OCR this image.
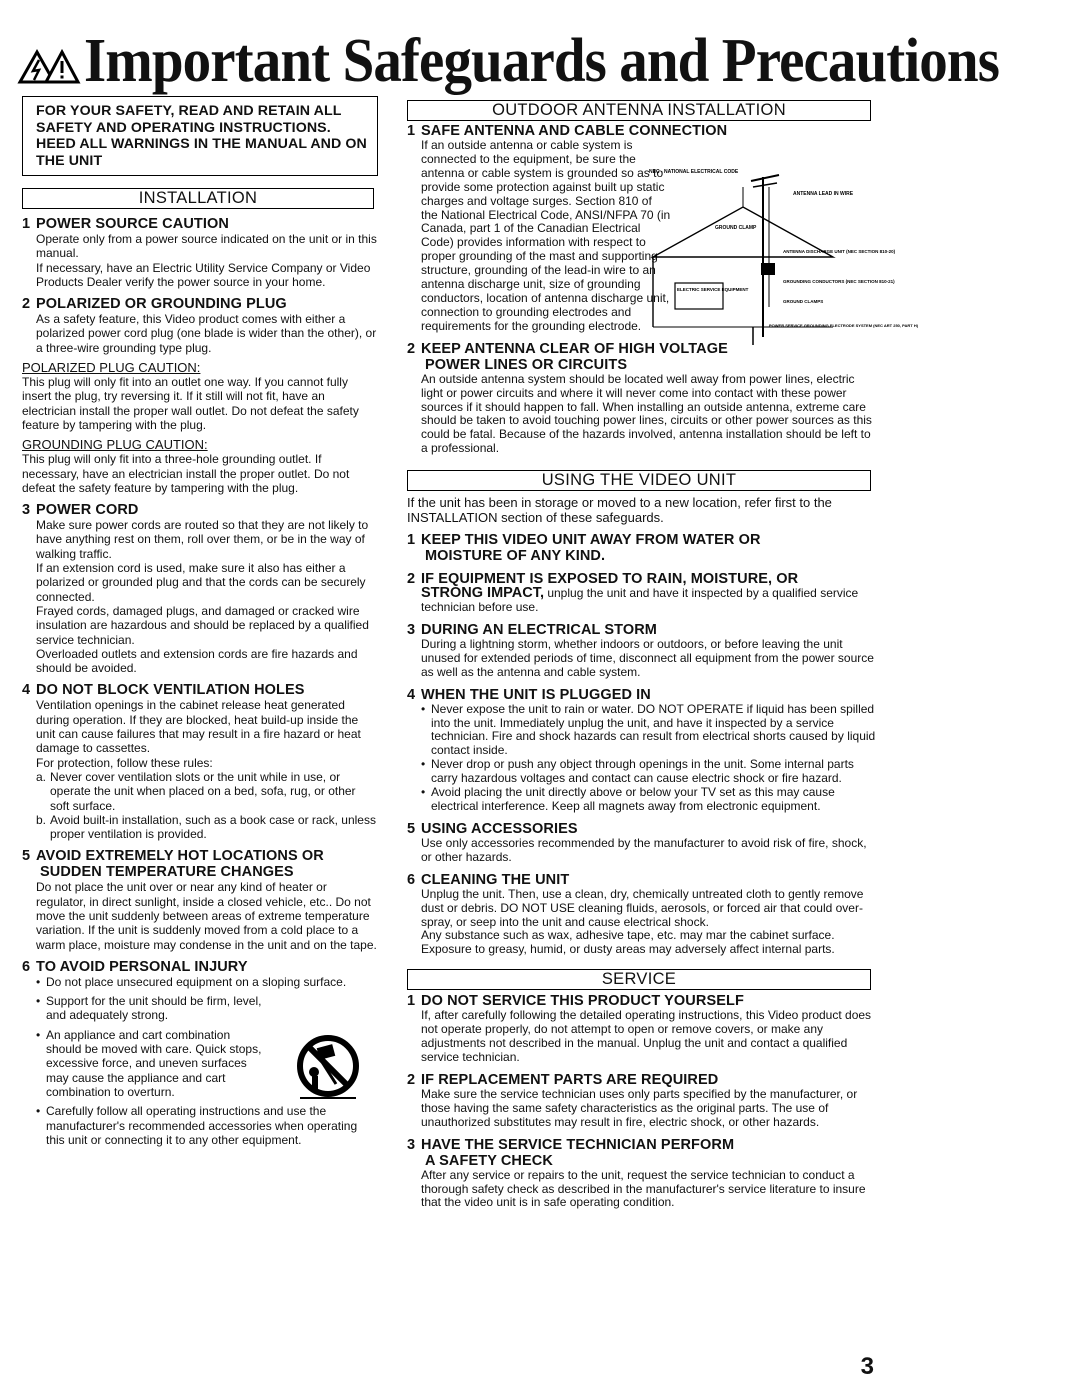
Important Safeguards and Precautions
FOR YOUR SAFETY, READ AND RETAIN ALL SAFETY AND OPERATING INSTRUCTIONS. HEED ALL WARNINGS IN THE MANUAL AND ON THE UNIT
INSTALLATION
1 POWER SOURCE CAUTION

Operate only from a power source indicated on the unit or in this manual.

If necessary, have an Electric Utility Service Company or Video Products Dealer verify the power source in your home.

2 POLARIZED OR GROUNDING PLUG

As a safety feature, this Video product comes with either a polarized power cord plug (one blade is wider than the other), or a three-wire grounding type plug.

POLARIZED PLUG CAUTION:
This plug will only fit into an outlet one way. If you cannot fully insert the plug, try reversing it. If it still will not fit, have an electrician install the proper wall outlet. Do not defeat the safety feature by tampering with the plug.
GROUNDING PLUG CAUTION:
This plug will only fit into a three-hole grounding outlet. If necessary, have an electrician install the proper outlet. Do not defeat the safety feature by tampering with the plug.
3 POWER CORD

Make sure power cords are routed so that they are not likely to have anything rest on them, roll over them, or be in the way of walking traffic.

If an extension cord is used, make sure it also has either a polarized or grounded plug and that the cords can be securely connected.

Frayed cords, damaged plugs, and damaged or cracked wire insulation are hazardous and should be replaced by a qualified service technician.

Overloaded outlets and extension cords are fire hazards and should be avoided.

4 DO NOT BLOCK VENTILATION HOLES

Ventilation openings in the cabinet release heat generated during operation. If they are blocked, heat build-up inside the unit can cause failures that may result in a fire hazard or heat damage to cassettes.

For protection, follow these rules:

a. Never cover ventilation slots or the unit while in use, or operate the unit when placed on a bed, sofa, rug, or other soft surface.
b. Avoid built-in installation, such as a book case or rack, unless proper ventilation is provided.
5 AVOID EXTREMELY HOT LOCATIONS OR
SUDDEN TEMPERATURE CHANGES
Do not place the unit over or near any kind of heater or regulator, in direct sunlight, inside a closed vehicle, etc.. Do not move the unit suddenly between areas of extreme temperature variation. If the unit is suddenly moved from a cold place to a warm place, moisture may condense in the unit and on the tape.
6 TO AVOID PERSONAL INJURY
• Do not place unsecured equipment on a sloping surface.
• Support for the unit should be firm, level, and adequately strong.
• An appliance and cart combination should be moved with care. Quick stops, excessive force, and uneven surfaces may cause the appliance and cart combination to overturn.
• Carefully follow all operating instructions and use the manufacturer's recommended accessories when operating this unit or connecting it to any other equipment.
OUTDOOR ANTENNA INSTALLATION
1 SAFE ANTENNA AND CABLE CONNECTION
If an outside antenna or cable system is connected to the equipment, be sure the antenna or cable system is grounded so as to provide some protection against built up static charges and voltage surges. Section 810 of the National Electrical Code, ANSI/NFPA 70 (in Canada, part 1 of the Canadian Electrical Code) provides information with respect to proper grounding of the mast and supporting structure, grounding of the lead-in wire to an antenna discharge unit, size of grounding conductors, location of antenna discharge unit, connection to grounding electrodes and requirements for the grounding electrode.
NEC - NATIONAL ELECTRICAL CODE
GROUND CLAMP
ANTENNA LEAD IN WIRE
ANTENNA DISCHARGE UNIT (NEC SECTION 810-20)
ELECTRIC SERVICE EQUIPMENT
GROUNDING CONDUCTORS (NEC SECTION 810-21)
GROUND CLAMPS
POWER SERVICE GROUNDING ELECTRODE SYSTEM (NEC ART 250, PART H)
2 KEEP ANTENNA CLEAR OF HIGH VOLTAGE
POWER LINES OR CIRCUITS
An outside antenna system should be located well away from power lines, electric light or power circuits and where it will never come into contact with these power sources if it should happen to fall. When installing an outside antenna, extreme care should be taken to avoid touching power lines, circuits or other power sources as this could be fatal. Because of the hazards involved, antenna installation should be left to a professional.
USING THE VIDEO UNIT
If the unit has been in storage or moved to a new location, refer first to the INSTALLATION section of these safeguards.
1 KEEP THIS VIDEO UNIT AWAY FROM WATER OR
MOISTURE OF ANY KIND.
2 IF EQUIPMENT IS EXPOSED TO RAIN, MOISTURE, OR
STRONG IMPACT, unplug the unit and have it inspected by a qualified service technician before use.
3 DURING AN ELECTRICAL STORM
During a lightning storm, whether indoors or outdoors, or before leaving the unit unused for extended periods of time, disconnect all equipment from the power source as well as the antenna and cable system.
4 WHEN THE UNIT IS PLUGGED IN
• Never expose the unit to rain or water. DO NOT OPERATE if liquid has been spilled into the unit. Immediately unplug the unit, and have it inspected by a service technician. Fire and shock hazards can result from electrical shorts caused by liquid contact inside.
• Never drop or push any object through openings in the unit. Some internal parts carry hazardous voltages and contact can cause electric shock or fire hazard.
• Avoid placing the unit directly above or below your TV set as this may cause electrical interference. Keep all magnets away from electronic equipment.
5 USING ACCESSORIES
Use only accessories recommended by the manufacturer to avoid risk of fire, shock, or other hazards.
6 CLEANING THE UNIT

Unplug the unit. Then, use a clean, dry, chemically untreated cloth to gently remove dust or debris. DO NOT USE cleaning fluids, aerosols, or forced air that could over-spray, or seep into the unit and cause electrical shock.

Any substance such as wax, adhesive tape, etc. may mar the cabinet surface. Exposure to greasy, humid, or dusty areas may adversely affect internal parts.

SERVICE
1 DO NOT SERVICE THIS PRODUCT YOURSELF
If, after carefully following the detailed operating instructions, this Video product does not operate properly, do not attempt to open or remove covers, or make any adjustments not described in the manual. Unplug the unit and contact a qualified service technician.
2 IF REPLACEMENT PARTS ARE REQUIRED
Make sure the service technician uses only parts specified by the manufacturer, or those having the same safety characteristics as the original parts. The use of unauthorized substitutes may result in fire, electric shock, or other hazards.
3 HAVE THE SERVICE TECHNICIAN PERFORM
A SAFETY CHECK
After any service or repairs to the unit, request the service technician to conduct a thorough safety check as described in the manufacturer's service literature to insure that the video unit is in safe operating condition.
3
